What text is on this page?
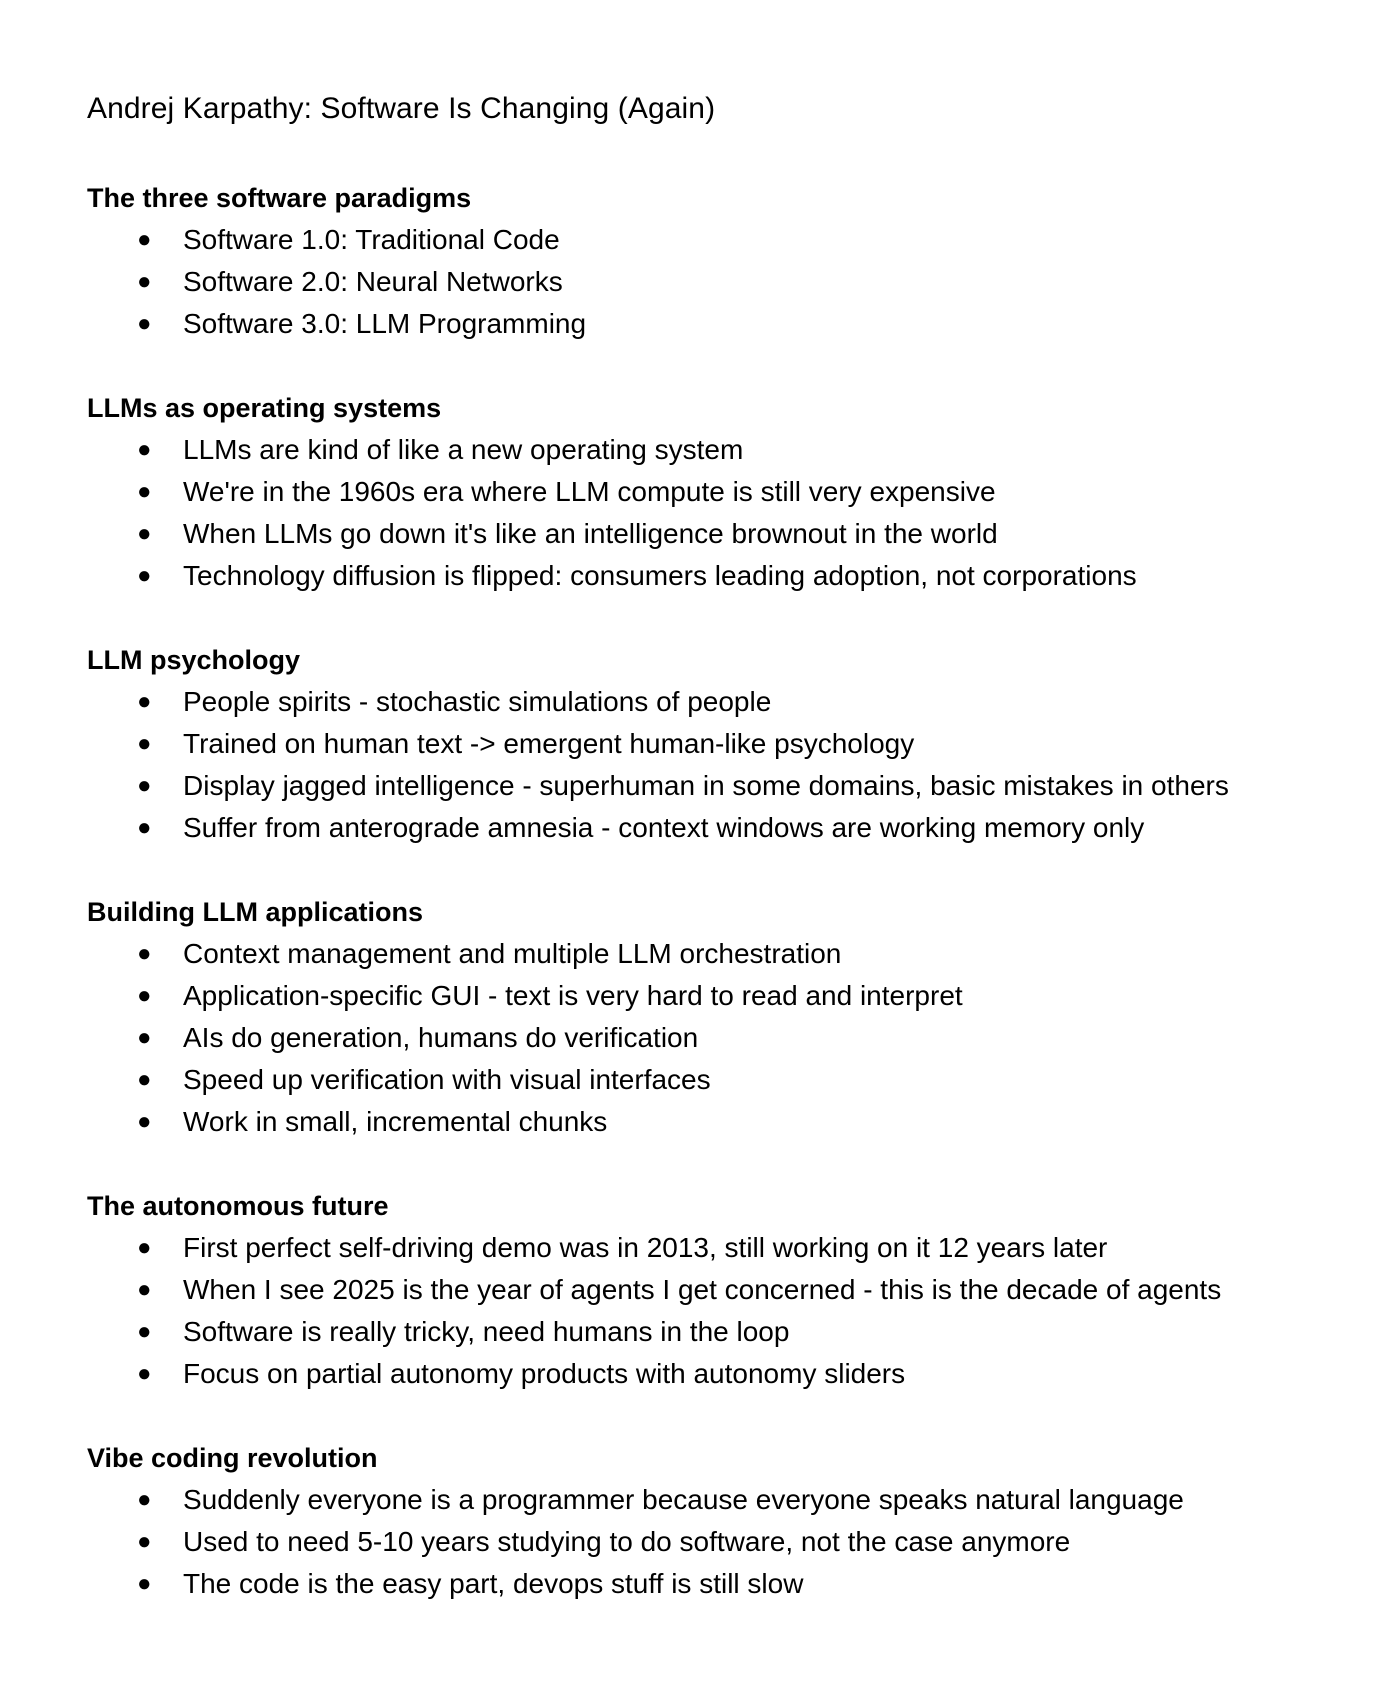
Andrej Karpathy: Software Is Changing (Again)
The three software paradigms
● Software 1.0: Traditional Code
● Software 2.0: Neural Networks
● Software 3.0: LLM Programming
LLMs as operating systems
● LLMs are kind of like a new operating system
● We're in the 1960s era where LLM compute is still very expensive
● When LLMs go down it's like an intelligence brownout in the world
● Technology diffusion is flipped: consumers leading adoption, not corporations
LLM psychology
● People spirits - stochastic simulations of people
● Trained on human text -> emergent human-like psychology
● Display jagged intelligence - superhuman in some domains, basic mistakes in others
● Suffer from anterograde amnesia - context windows are working memory only
Building LLM applications
● Context management and multiple LLM orchestration
● Application-specific GUI - text is very hard to read and interpret
● AIs do generation, humans do verification
● Speed up verification with visual interfaces
● Work in small, incremental chunks
The autonomous future
● First perfect self-driving demo was in 2013, still working on it 12 years later
● When I see 2025 is the year of agents I get concerned - this is the decade of agents
● Software is really tricky, need humans in the loop
● Focus on partial autonomy products with autonomy sliders
Vibe coding revolution
● Suddenly everyone is a programmer because everyone speaks natural language
● Used to need 5-10 years studying to do software, not the case anymore
● The code is the easy part, devops stuff is still slow
